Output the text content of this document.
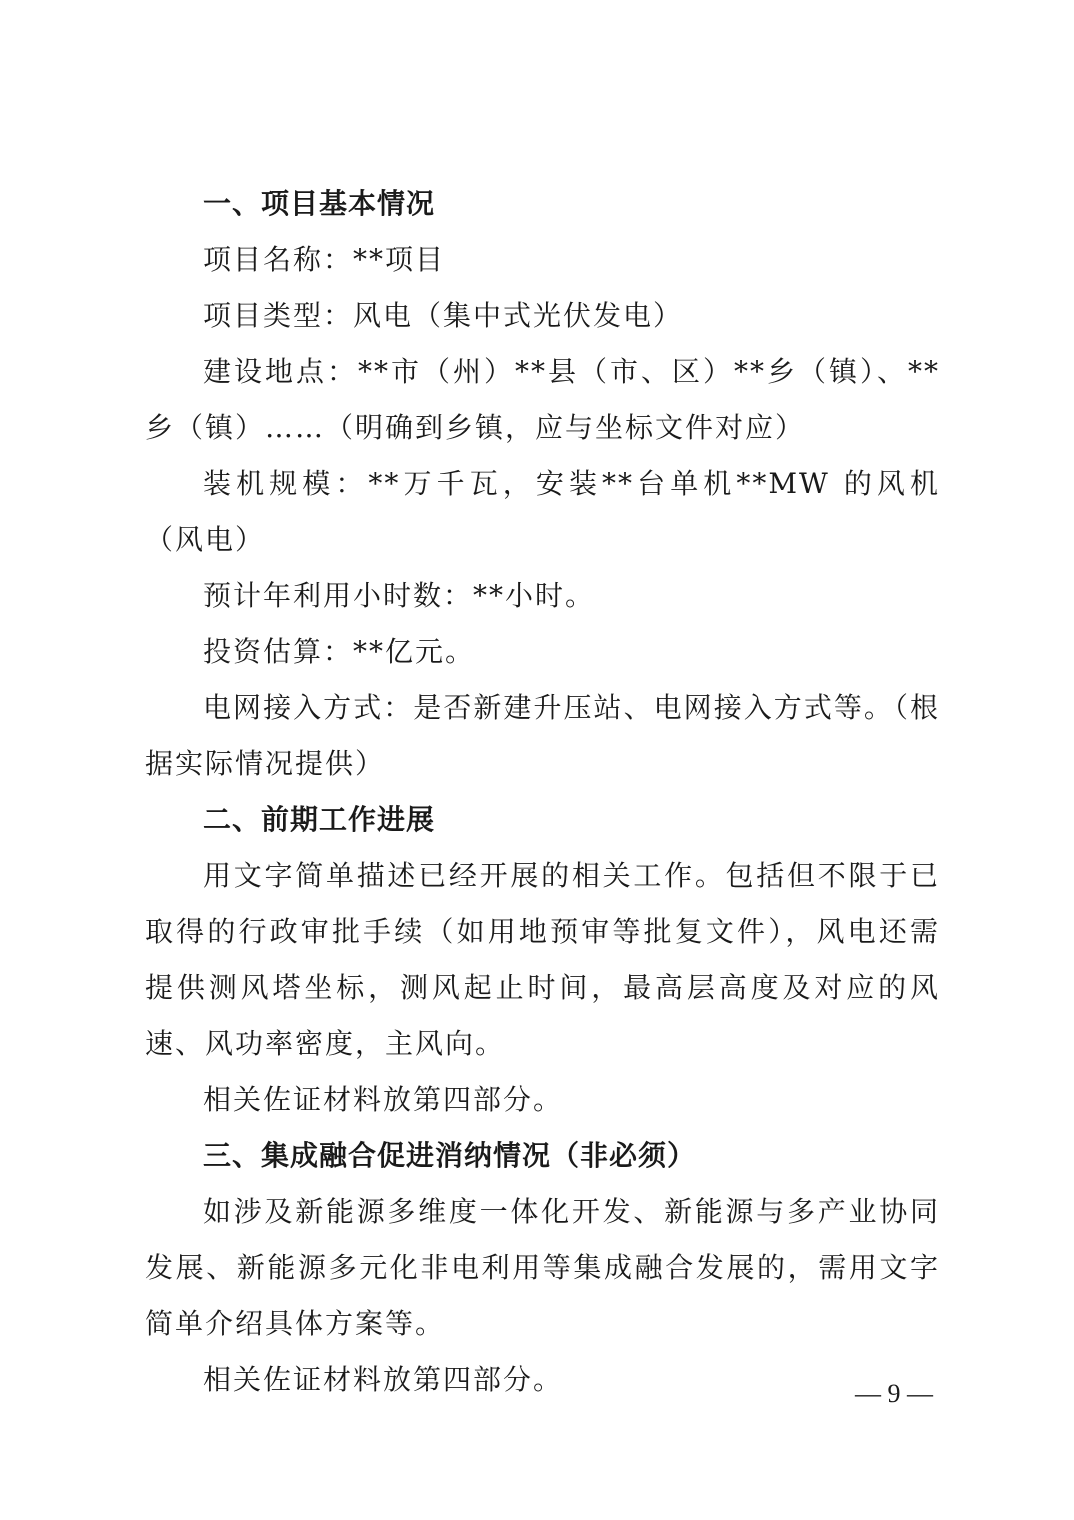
一、项目基本情况

项目名称：**项目

项目类型：风电（集中式光伏发电）

建设地点：**市（州）**县（市、区）**乡（镇）、**乡（镇）……（明确到乡镇，应与坐标文件对应）

装机规模：**万千瓦，安装**台单机**MW 的风机（风电）

预计年利用小时数：**小时。

投资估算：**亿元。

电网接入方式：是否新建升压站、电网接入方式等。（根据实际情况提供）

二、前期工作进展

用文字简单描述已经开展的相关工作。包括但不限于已取得的行政审批手续（如用地预审等批复文件），风电还需提供测风塔坐标，测风起止时间，最高层高度及对应的风速、风功率密度，主风向。

相关佐证材料放第四部分。

三、集成融合促进消纳情况（非必须）

如涉及新能源多维度一体化开发、新能源与多产业协同发展、新能源多元化非电利用等集成融合发展的，需用文字简单介绍具体方案等。

相关佐证材料放第四部分。	— 9 —
